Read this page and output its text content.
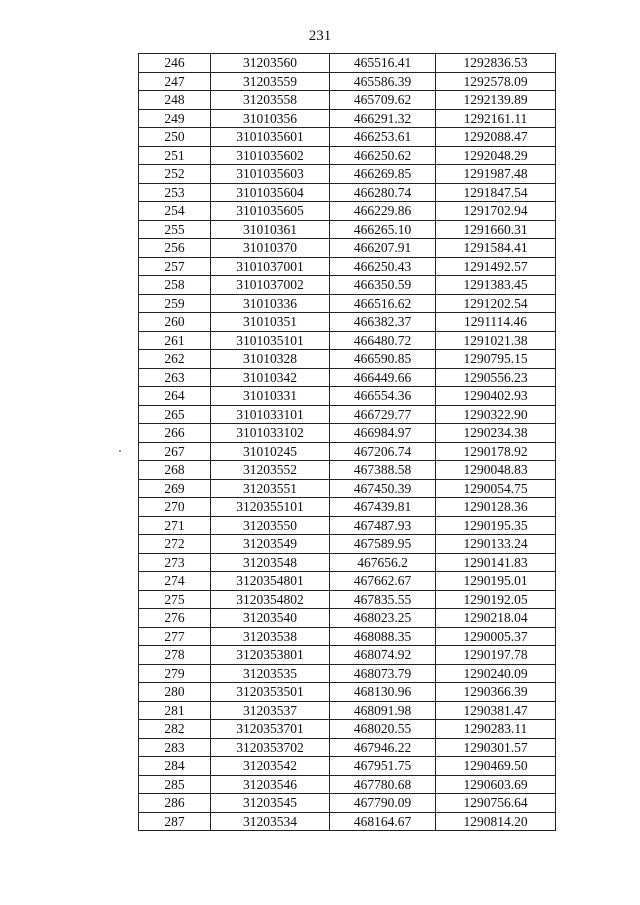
231
246	31203560	465516.41	1292836.53
247	31203559	465586.39	1292578.09
248	31203558	465709.62	1292139.89
249	31010356	466291.32	1292161.11
250	3101035601	466253.61	1292088.47
251	3101035602	466250.62	1292048.29
252	3101035603	466269.85	1291987.48
253	3101035604	466280.74	1291847.54
254	3101035605	466229.86	1291702.94
255	31010361	466265.10	1291660.31
256	31010370	466207.91	1291584.41
257	3101037001	466250.43	1291492.57
258	3101037002	466350.59	1291383.45
259	31010336	466516.62	1291202.54
260	31010351	466382.37	1291114.46
261	3101035101	466480.72	1291021.38
262	31010328	466590.85	1290795.15
263	31010342	466449.66	1290556.23
264	31010331	466554.36	1290402.93
265	3101033101	466729.77	1290322.90
266	3101033102	466984.97	1290234.38
267	31010245	467206.74	1290178.92
268	31203552	467388.58	1290048.83
269	31203551	467450.39	1290054.75
270	3120355101	467439.81	1290128.36
271	31203550	467487.93	1290195.35
272	31203549	467589.95	1290133.24
273	31203548	467656.2	1290141.83
274	3120354801	467662.67	1290195.01
275	3120354802	467835.55	1290192.05
276	31203540	468023.25	1290218.04
277	31203538	468088.35	1290005.37
278	3120353801	468074.92	1290197.78
279	31203535	468073.79	1290240.09
280	3120353501	468130.96	1290366.39
281	31203537	468091.98	1290381.47
282	3120353701	468020.55	1290283.11
283	3120353702	467946.22	1290301.57
284	31203542	467951.75	1290469.50
285	31203546	467780.68	1290603.69
286	31203545	467790.09	1290756.64
287	31203534	468164.67	1290814.20
